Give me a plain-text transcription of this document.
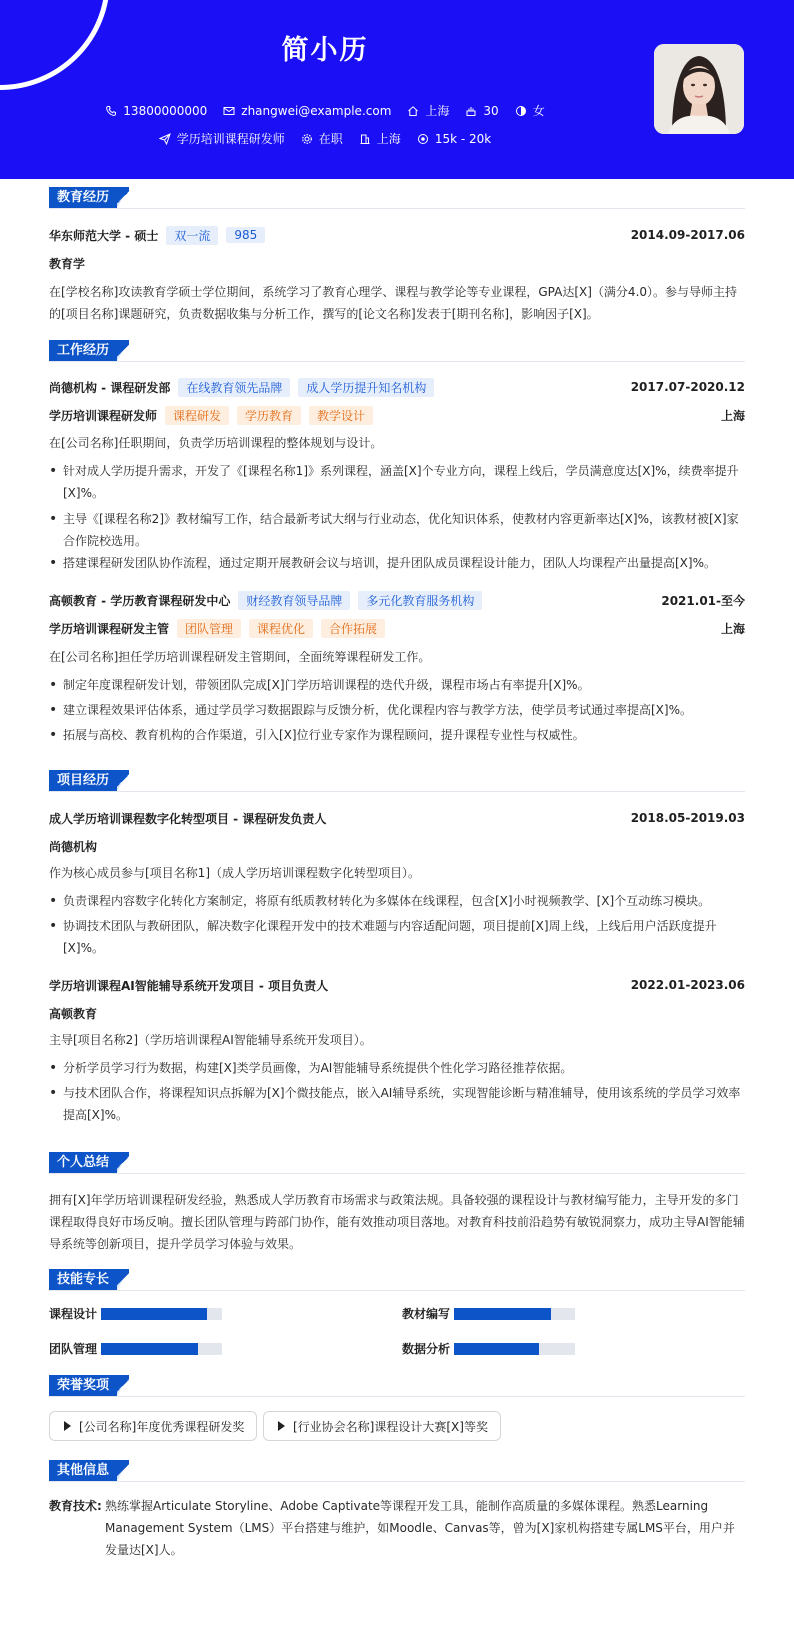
简小历
13800000000	zhangwei@example.com	上海	30	女
学历培训课程研发师	在职	上海	15k - 20k
教育经历
华东师范大学 - 硕士	双一流	985	2014.09-2017.06
教育学
在[学校名称]攻读教育学硕士学位期间，系统学习了教育心理学、课程与教学论等专业课程，GPA达[X]（满分4.0）。参与导师主持的[项目名称]课题研究，负责数据收集与分析工作，撰写的[论文名称]发表于[期刊名称]，影响因子[X]。
工作经历
尚德机构 - 课程研发部	在线教育领先品牌	成人学历提升知名机构	2017.07-2020.12
学历培训课程研发师	课程研发	学历教育	教学设计	上海
在[公司名称]任职期间，负责学历培训课程的整体规划与设计。
• 针对成人学历提升需求，开发了《[课程名称1]》系列课程，涵盖[X]个专业方向，课程上线后，学员满意度达[X]%，续费率提升[X]%。
• 主导《[课程名称2]》教材编写工作，结合最新考试大纲与行业动态，优化知识体系，使教材内容更新率达[X]%，该教材被[X]家合作院校选用。
• 搭建课程研发团队协作流程，通过定期开展教研会议与培训，提升团队成员课程设计能力，团队人均课程产出量提高[X]%。
高顿教育 - 学历教育课程研发中心	财经教育领导品牌	多元化教育服务机构	2021.01-至今
学历培训课程研发主管	团队管理	课程优化	合作拓展	上海
在[公司名称]担任学历培训课程研发主管期间，全面统筹课程研发工作。
• 制定年度课程研发计划，带领团队完成[X]门学历培训课程的迭代升级，课程市场占有率提升[X]%。
• 建立课程效果评估体系，通过学员学习数据跟踪与反馈分析，优化课程内容与教学方法，使学员考试通过率提高[X]%。
• 拓展与高校、教育机构的合作渠道，引入[X]位行业专家作为课程顾问，提升课程专业性与权威性。
项目经历
成人学历培训课程数字化转型项目 - 课程研发负责人	2018.05-2019.03
尚德机构
作为核心成员参与[项目名称1]（成人学历培训课程数字化转型项目）。
• 负责课程内容数字化转化方案制定，将原有纸质教材转化为多媒体在线课程，包含[X]小时视频教学、[X]个互动练习模块。
• 协调技术团队与教研团队，解决数字化课程开发中的技术难题与内容适配问题，项目提前[X]周上线，上线后用户活跃度提升[X]%。
学历培训课程AI智能辅导系统开发项目 - 项目负责人	2022.01-2023.06
高顿教育
主导[项目名称2]（学历培训课程AI智能辅导系统开发项目）。
• 分析学员学习行为数据，构建[X]类学员画像，为AI智能辅导系统提供个性化学习路径推荐依据。
• 与技术团队合作，将课程知识点拆解为[X]个微技能点，嵌入AI辅导系统，实现智能诊断与精准辅导，使用该系统的学员学习效率提高[X]%。
个人总结
拥有[X]年学历培训课程研发经验，熟悉成人学历教育市场需求与政策法规。具备较强的课程设计与教材编写能力，主导开发的多门课程取得良好市场反响。擅长团队管理与跨部门协作，能有效推动项目落地。对教育科技前沿趋势有敏锐洞察力，成功主导AI智能辅导系统等创新项目，提升学员学习体验与效果。
技能专长
课程设计	教材编写
团队管理	数据分析
荣誉奖项
[公司名称]年度优秀课程研发奖	[行业协会名称]课程设计大赛[X]等奖
其他信息
教育技术: 熟练掌握Articulate Storyline、Adobe Captivate等课程开发工具，能制作高质量的多媒体课程。熟悉Learning Management System（LMS）平台搭建与维护，如Moodle、Canvas等，曾为[X]家机构搭建专属LMS平台，用户并发量达[X]人。
